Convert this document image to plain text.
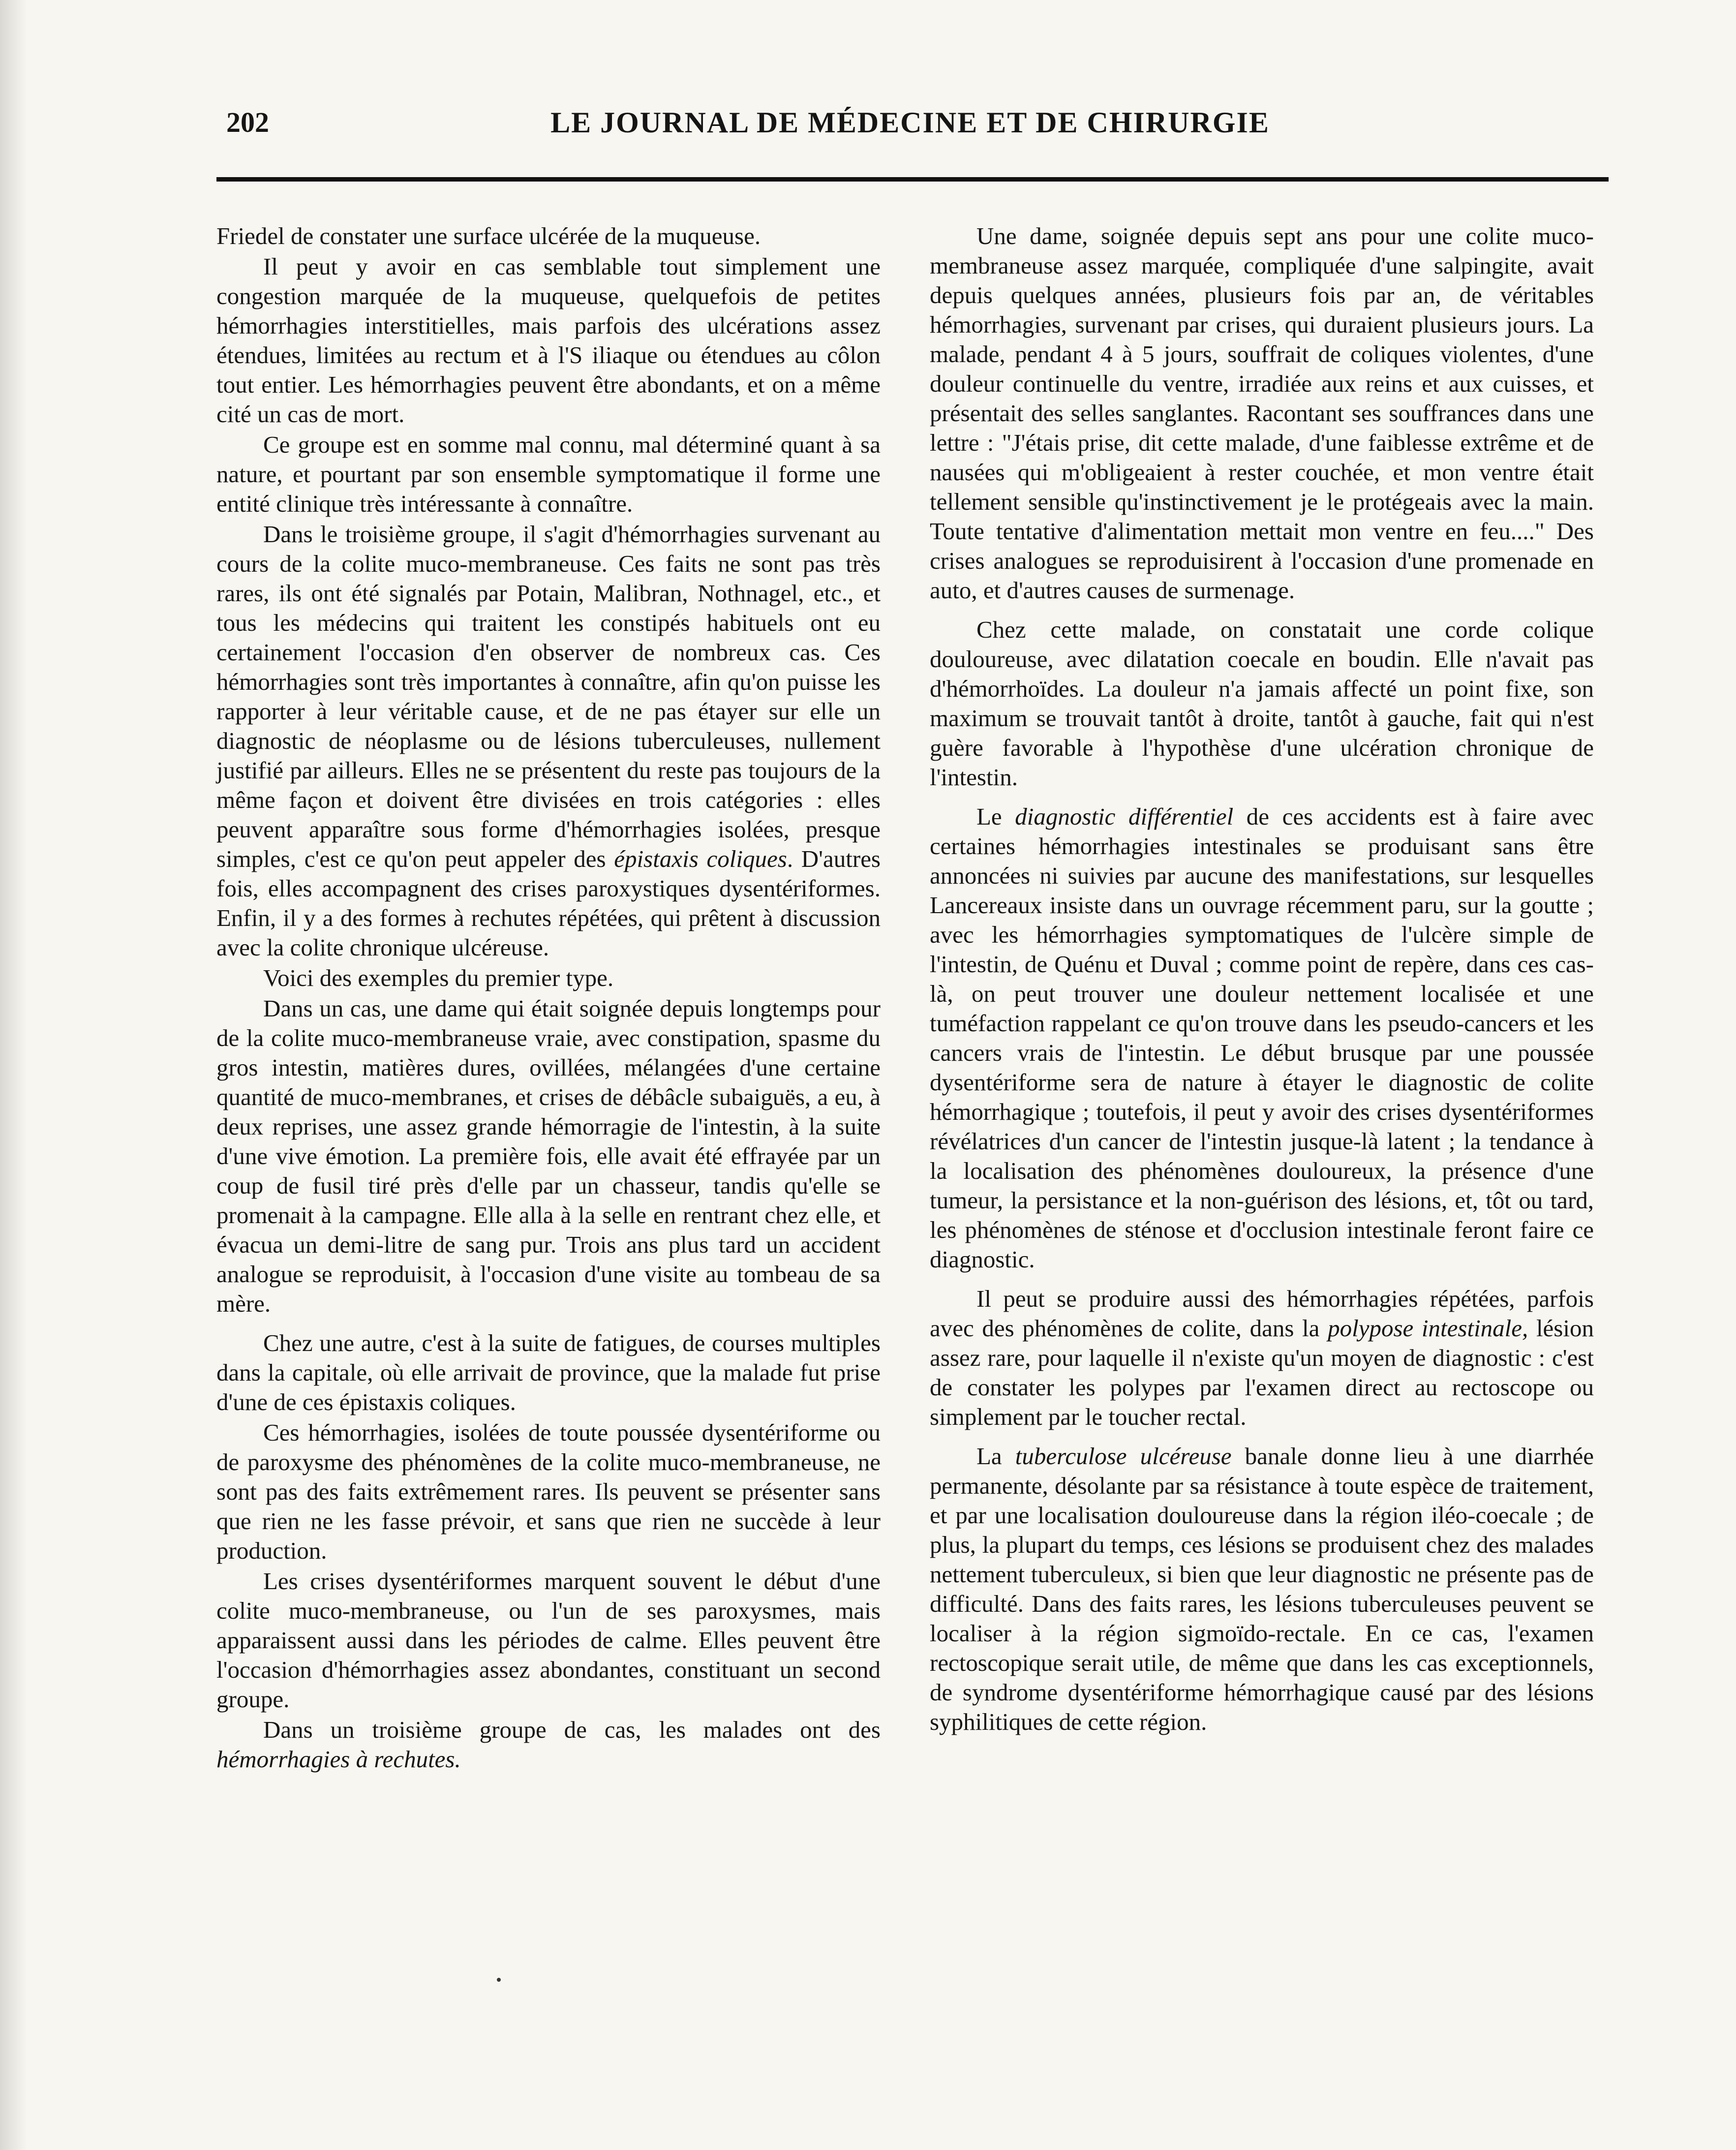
202	LE JOURNAL DE MÉDECINE ET DE CHIRURGIE

Friedel de constater une surface ulcérée de la muqueuse.

Il peut y avoir en cas semblable tout simplement une congestion marquée de la muqueuse, quelquefois de petites hémorrhagies interstitielles, mais parfois des ulcérations assez étendues, limitées au rectum et à l'S iliaque ou étendues au côlon tout entier. Les hémorrhagies peuvent être abondants, et on a même cité un cas de mort.

Ce groupe est en somme mal connu, mal déterminé quant à sa nature, et pourtant par son ensemble symptomatique il forme une entité clinique très intéressante à connaître.

Dans le troisième groupe, il s'agit d'hémorrhagies survenant au cours de la colite muco-membraneuse. Ces faits ne sont pas très rares, ils ont été signalés par Potain, Malibran, Nothnagel, etc., et tous les médecins qui traitent les constipés habituels ont eu certainement l'occasion d'en observer de nombreux cas. Ces hémorrhagies sont très importantes à connaître, afin qu'on puisse les rapporter à leur véritable cause, et de ne pas étayer sur elle un diagnostic de néoplasme ou de lésions tuberculeuses, nullement justifié par ailleurs. Elles ne se présentent du reste pas toujours de la même façon et doivent être divisées en trois catégories : elles peuvent apparaître sous forme d'hémorrhagies isolées, presque simples, c'est ce qu'on peut appeler des épistaxis coliques. D'autres fois, elles accompagnent des crises paroxystiques dysentériformes. Enfin, il y a des formes à rechutes répétées, qui prêtent à discussion avec la colite chronique ulcéreuse.

Voici des exemples du premier type.

Dans un cas, une dame qui était soignée depuis longtemps pour de la colite muco-membraneuse vraie, avec constipation, spasme du gros intestin, matières dures, ovillées, mélangées d'une certaine quantité de muco-membranes, et crises de débâcle subaiguës, a eu, à deux reprises, une assez grande hémorragie de l'intestin, à la suite d'une vive émotion. La première fois, elle avait été effrayée par un coup de fusil tiré près d'elle par un chasseur, tandis qu'elle se promenait à la campagne. Elle alla à la selle en rentrant chez elle, et évacua un demi-litre de sang pur. Trois ans plus tard un accident analogue se reproduisit, à l'occasion d'une visite au tombeau de sa mère.

Chez une autre, c'est à la suite de fatigues, de courses multiples dans la capitale, où elle arrivait de province, que la malade fut prise d'une de ces épistaxis coliques.

Ces hémorrhagies, isolées de toute poussée dysentériforme ou de paroxysme des phénomènes de la colite muco-membraneuse, ne sont pas des faits extrêmement rares. Ils peuvent se présenter sans que rien ne les fasse prévoir, et sans que rien ne succède à leur production.

Les crises dysentériformes marquent souvent le début d'une colite muco-membraneuse, ou l'un de ses paroxysmes, mais apparaissent aussi dans les périodes de calme. Elles peuvent être l'occasion d'hémorrhagies assez abondantes, constituant un second groupe.

Dans un troisième groupe de cas, les malades ont des hémorrhagies à rechutes.

Une dame, soignée depuis sept ans pour une colite muco-membraneuse assez marquée, compliquée d'une salpingite, avait depuis quelques années, plusieurs fois par an, de véritables hémorrhagies, survenant par crises, qui duraient plusieurs jours. La malade, pendant 4 à 5 jours, souffrait de coliques violentes, d'une douleur continuelle du ventre, irradiée aux reins et aux cuisses, et présentait des selles sanglantes. Racontant ses souffrances dans une lettre : "J'étais prise, dit cette malade, d'une faiblesse extrême et de nausées qui m'obligeaient à rester couchée, et mon ventre était tellement sensible qu'instinctivement je le protégeais avec la main. Toute tentative d'alimentation mettait mon ventre en feu...." Des crises analogues se reproduisirent à l'occasion d'une promenade en auto, et d'autres causes de surmenage.

Chez cette malade, on constatait une corde colique douloureuse, avec dilatation coecale en boudin. Elle n'avait pas d'hémorrhoïdes. La douleur n'a jamais affecté un point fixe, son maximum se trouvait tantôt à droite, tantôt à gauche, fait qui n'est guère favorable à l'hypothèse d'une ulcération chronique de l'intestin.

Le diagnostic différentiel de ces accidents est à faire avec certaines hémorrhagies intestinales se produisant sans être annoncées ni suivies par aucune des manifestations, sur lesquelles Lancereaux insiste dans un ouvrage récemment paru, sur la goutte ; avec les hémorrhagies symptomatiques de l'ulcère simple de l'intestin, de Quénu et Duval ; comme point de repère, dans ces cas-là, on peut trouver une douleur nettement localisée et une tuméfaction rappelant ce qu'on trouve dans les pseudo-cancers et les cancers vrais de l'intestin. Le début brusque par une poussée dysentériforme sera de nature à étayer le diagnostic de colite hémorrhagique ; toutefois, il peut y avoir des crises dysentériformes révélatrices d'un cancer de l'intestin jusque-là latent ; la tendance à la localisation des phénomènes douloureux, la présence d'une tumeur, la persistance et la non-guérison des lésions, et, tôt ou tard, les phénomènes de sténose et d'occlusion intestinale feront faire ce diagnostic.

Il peut se produire aussi des hémorrhagies répétées, parfois avec des phénomènes de colite, dans la polypose intestinale, lésion assez rare, pour laquelle il n'existe qu'un moyen de diagnostic : c'est de constater les polypes par l'examen direct au rectoscope ou simplement par le toucher rectal.

La tuberculose ulcéreuse banale donne lieu à une diarrhée permanente, désolante par sa résistance à toute espèce de traitement, et par une localisation douloureuse dans la région iléo-coecale ; de plus, la plupart du temps, ces lésions se produisent chez des malades nettement tuberculeux, si bien que leur diagnostic ne présente pas de difficulté. Dans des faits rares, les lésions tuberculeuses peuvent se localiser à la région sigmoïdo-rectale. En ce cas, l'examen rectoscopique serait utile, de même que dans les cas exceptionnels, de syndrome dysentériforme hémorrhagique causé par des lésions syphilitiques de cette région.
